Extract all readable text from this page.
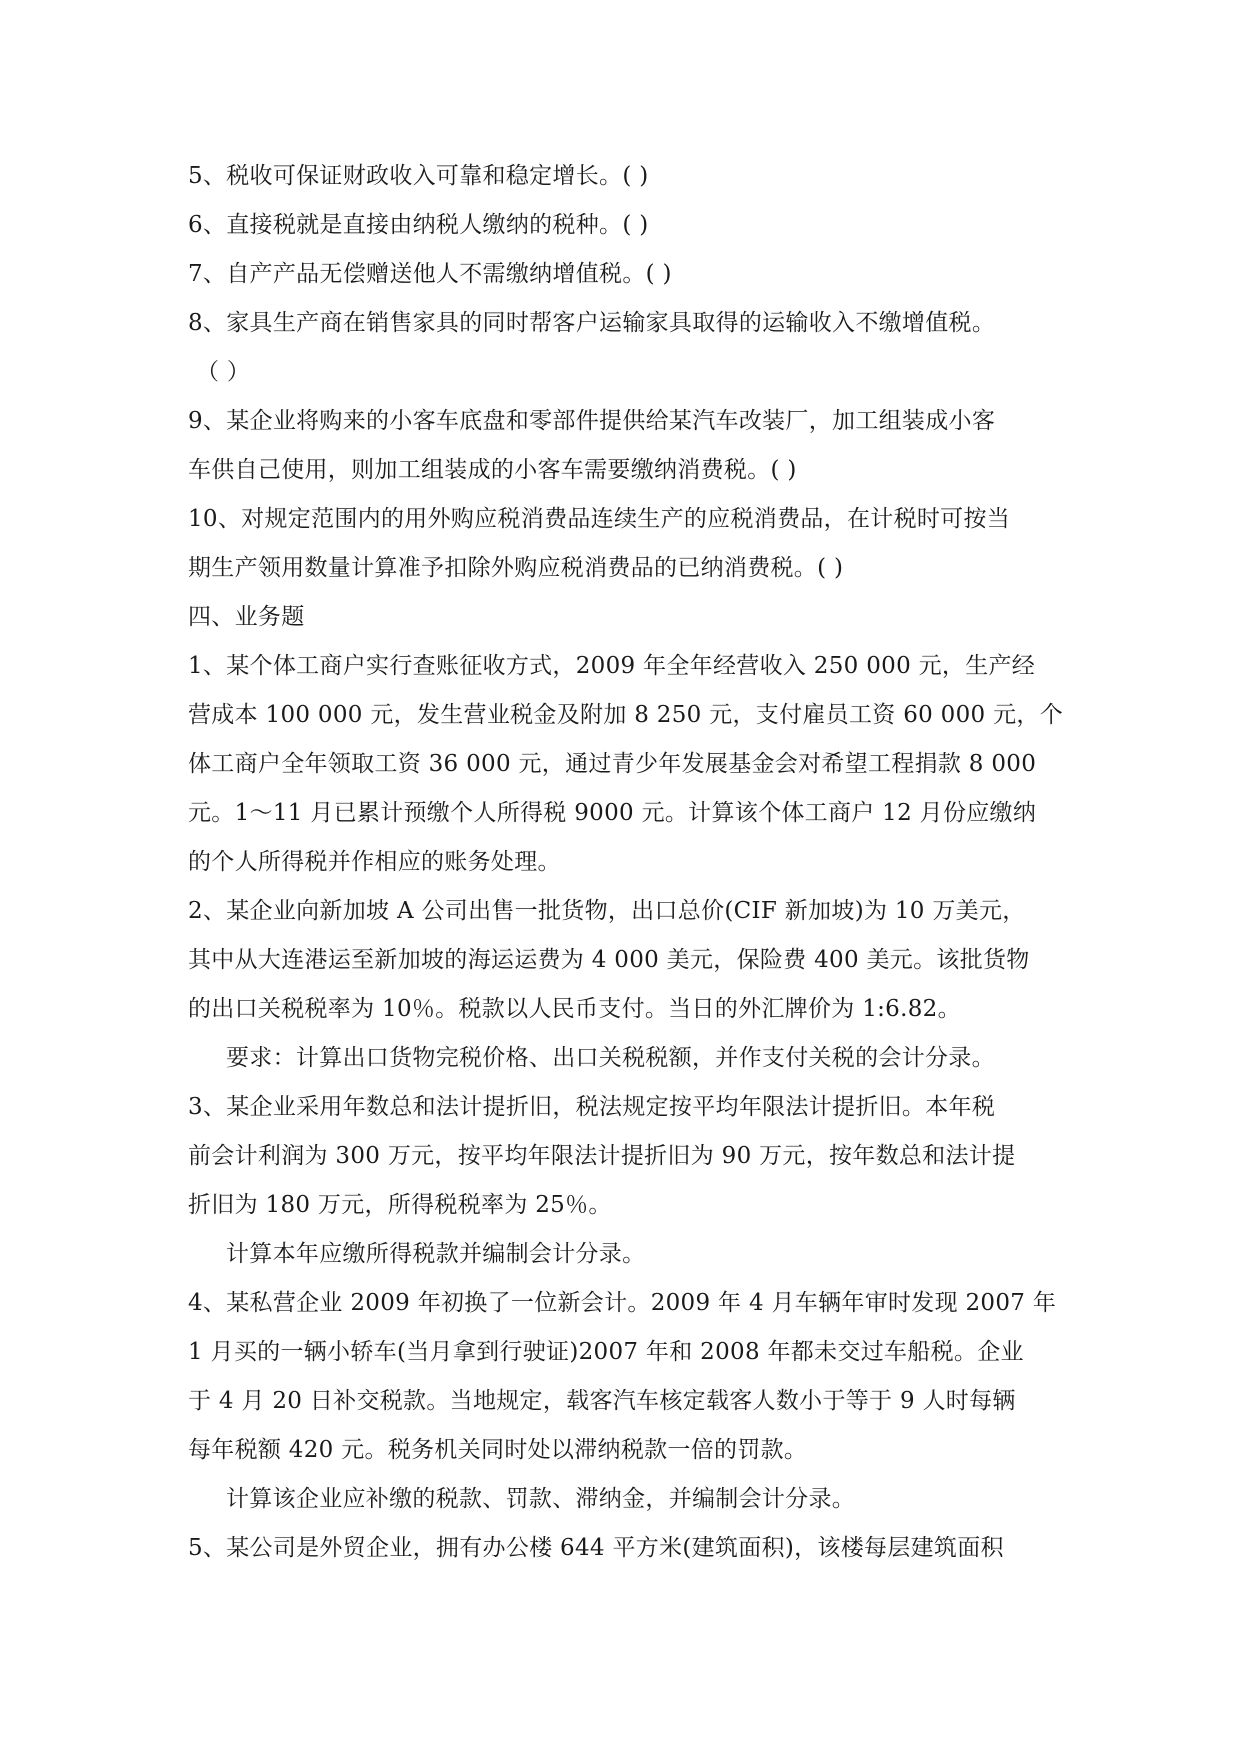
5、税收可保证财政收入可靠和稳定增长。( )
6、直接税就是直接由纳税人缴纳的税种。( )
7、自产产品无偿赠送他人不需缴纳增值税。( )
8、家具生产商在销售家具的同时帮客户运输家具取得的运输收入不缴增值税。
（ ）
9、某企业将购来的小客车底盘和零部件提供给某汽车改装厂，加工组装成小客
车供自己使用，则加工组装成的小客车需要缴纳消费税。( )
10、对规定范围内的用外购应税消费品连续生产的应税消费品，在计税时可按当
期生产领用数量计算准予扣除外购应税消费品的已纳消费税。( )
四、业务题
1、某个体工商户实行查账征收方式，2009 年全年经营收入 250 000 元，生产经
营成本 100 000 元，发生营业税金及附加 8 250 元，支付雇员工资 60 000 元，个
体工商户全年领取工资 36 000 元，通过青少年发展基金会对希望工程捐款 8 000
元。1～11 月已累计预缴个人所得税 9000 元。计算该个体工商户 12 月份应缴纳
的个人所得税并作相应的账务处理。
2、某企业向新加坡 A 公司出售一批货物，出口总价(CIF 新加坡)为 10 万美元，
其中从大连港运至新加坡的海运运费为 4 000 美元，保险费 400 美元。该批货物
的出口关税税率为 10％。税款以人民币支付。当日的外汇牌价为 1:6.82。
要求：计算出口货物完税价格、出口关税税额，并作支付关税的会计分录。
3、某企业采用年数总和法计提折旧，税法规定按平均年限法计提折旧。本年税
前会计利润为 300 万元，按平均年限法计提折旧为 90 万元，按年数总和法计提
折旧为 180 万元，所得税税率为 25％。
计算本年应缴所得税款并编制会计分录。
4、某私营企业 2009 年初换了一位新会计。2009 年 4 月车辆年审时发现 2007 年
1 月买的一辆小轿车(当月拿到行驶证)2007 年和 2008 年都未交过车船税。企业
于 4 月 20 日补交税款。当地规定，载客汽车核定载客人数小于等于 9 人时每辆
每年税额 420 元。税务机关同时处以滞纳税款一倍的罚款。
计算该企业应补缴的税款、罚款、滞纳金，并编制会计分录。
5、某公司是外贸企业，拥有办公楼 644 平方米(建筑面积)，该楼每层建筑面积
